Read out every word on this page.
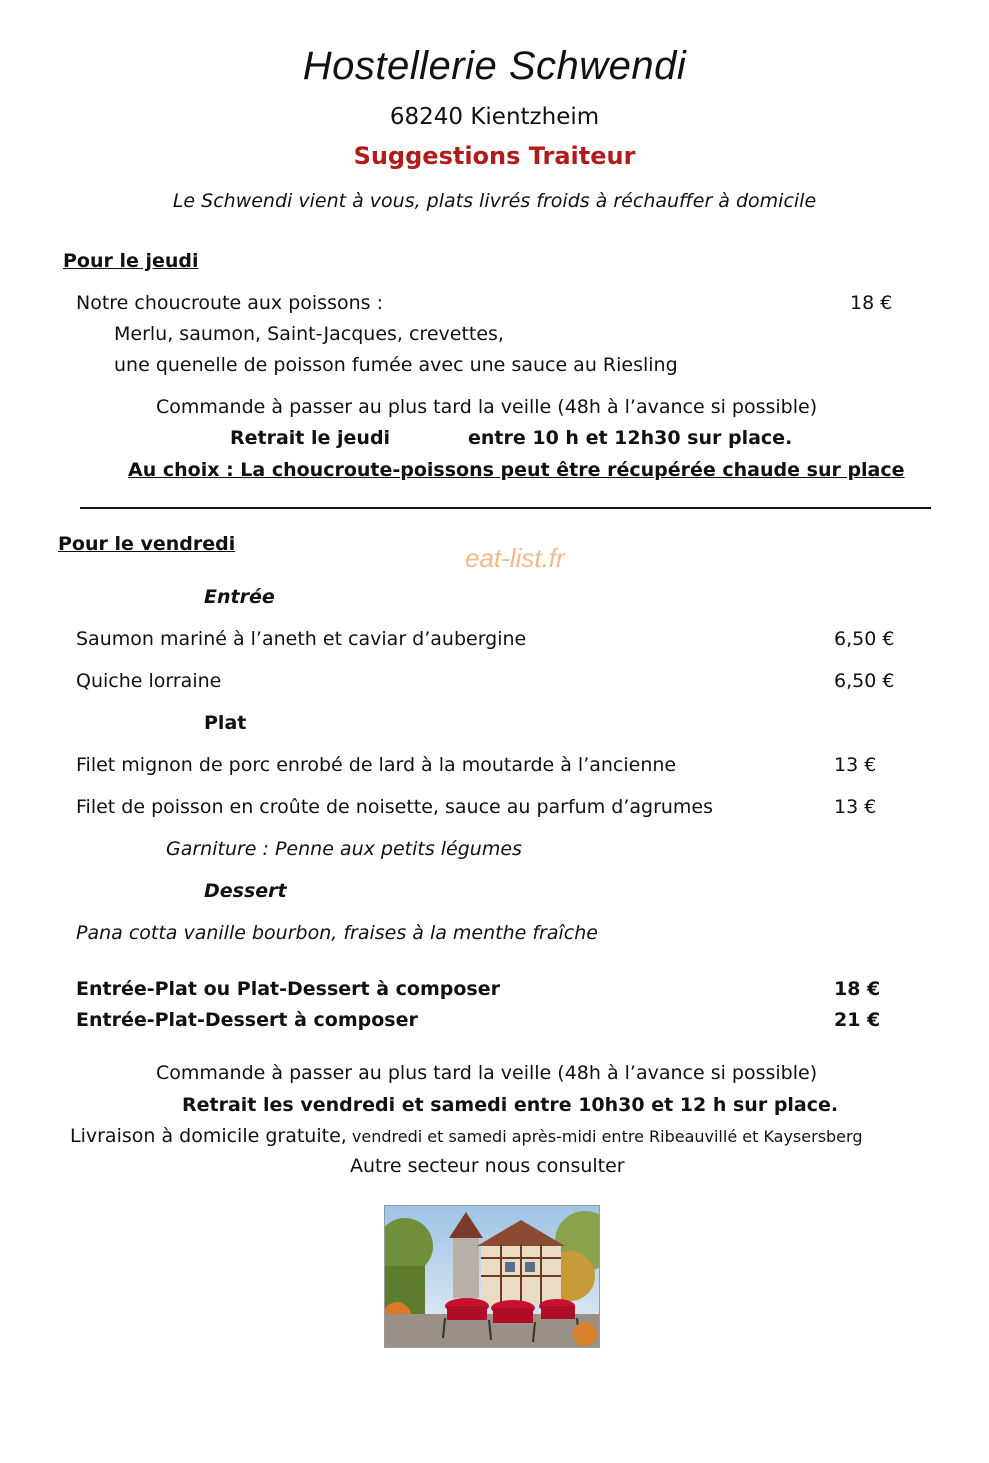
Hostellerie Schwendi
68240 Kientzheim
Suggestions Traiteur
Le Schwendi vient à vous, plats livrés froids à réchauffer à domicile
Pour le jeudi
Notre choucroute aux poissons :	18 €
Merlu, saumon, Saint-Jacques, crevettes,
une quenelle de poisson fumée avec une sauce au Riesling
Commande à passer au plus tard la veille (48h à l’avance si possible)
Retrait le jeudi	entre 10 h et 12h30 sur place.
Au choix : La choucroute-poissons peut être récupérée chaude sur place
Pour le vendredi	eat-list.fr
Entrée
Saumon mariné à l’aneth et caviar d’aubergine	6,50 €
Quiche lorraine	6,50 €
Plat
Filet mignon de porc enrobé de lard à la moutarde à l’ancienne	13 €
Filet de poisson en croûte de noisette, sauce au parfum d’agrumes	13 €
Garniture : Penne aux petits légumes
Dessert
Pana cotta vanille bourbon, fraises à la menthe fraîche
Entrée-Plat ou Plat-Dessert à composer	18 €
Entrée-Plat-Dessert à composer	21 €
Commande à passer au plus tard la veille (48h à l’avance si possible)
Retrait les vendredi et samedi entre 10h30 et 12 h sur place.
Livraison à domicile gratuite, vendredi et samedi après-midi entre Ribeauvillé et Kaysersberg
Autre secteur nous consulter
